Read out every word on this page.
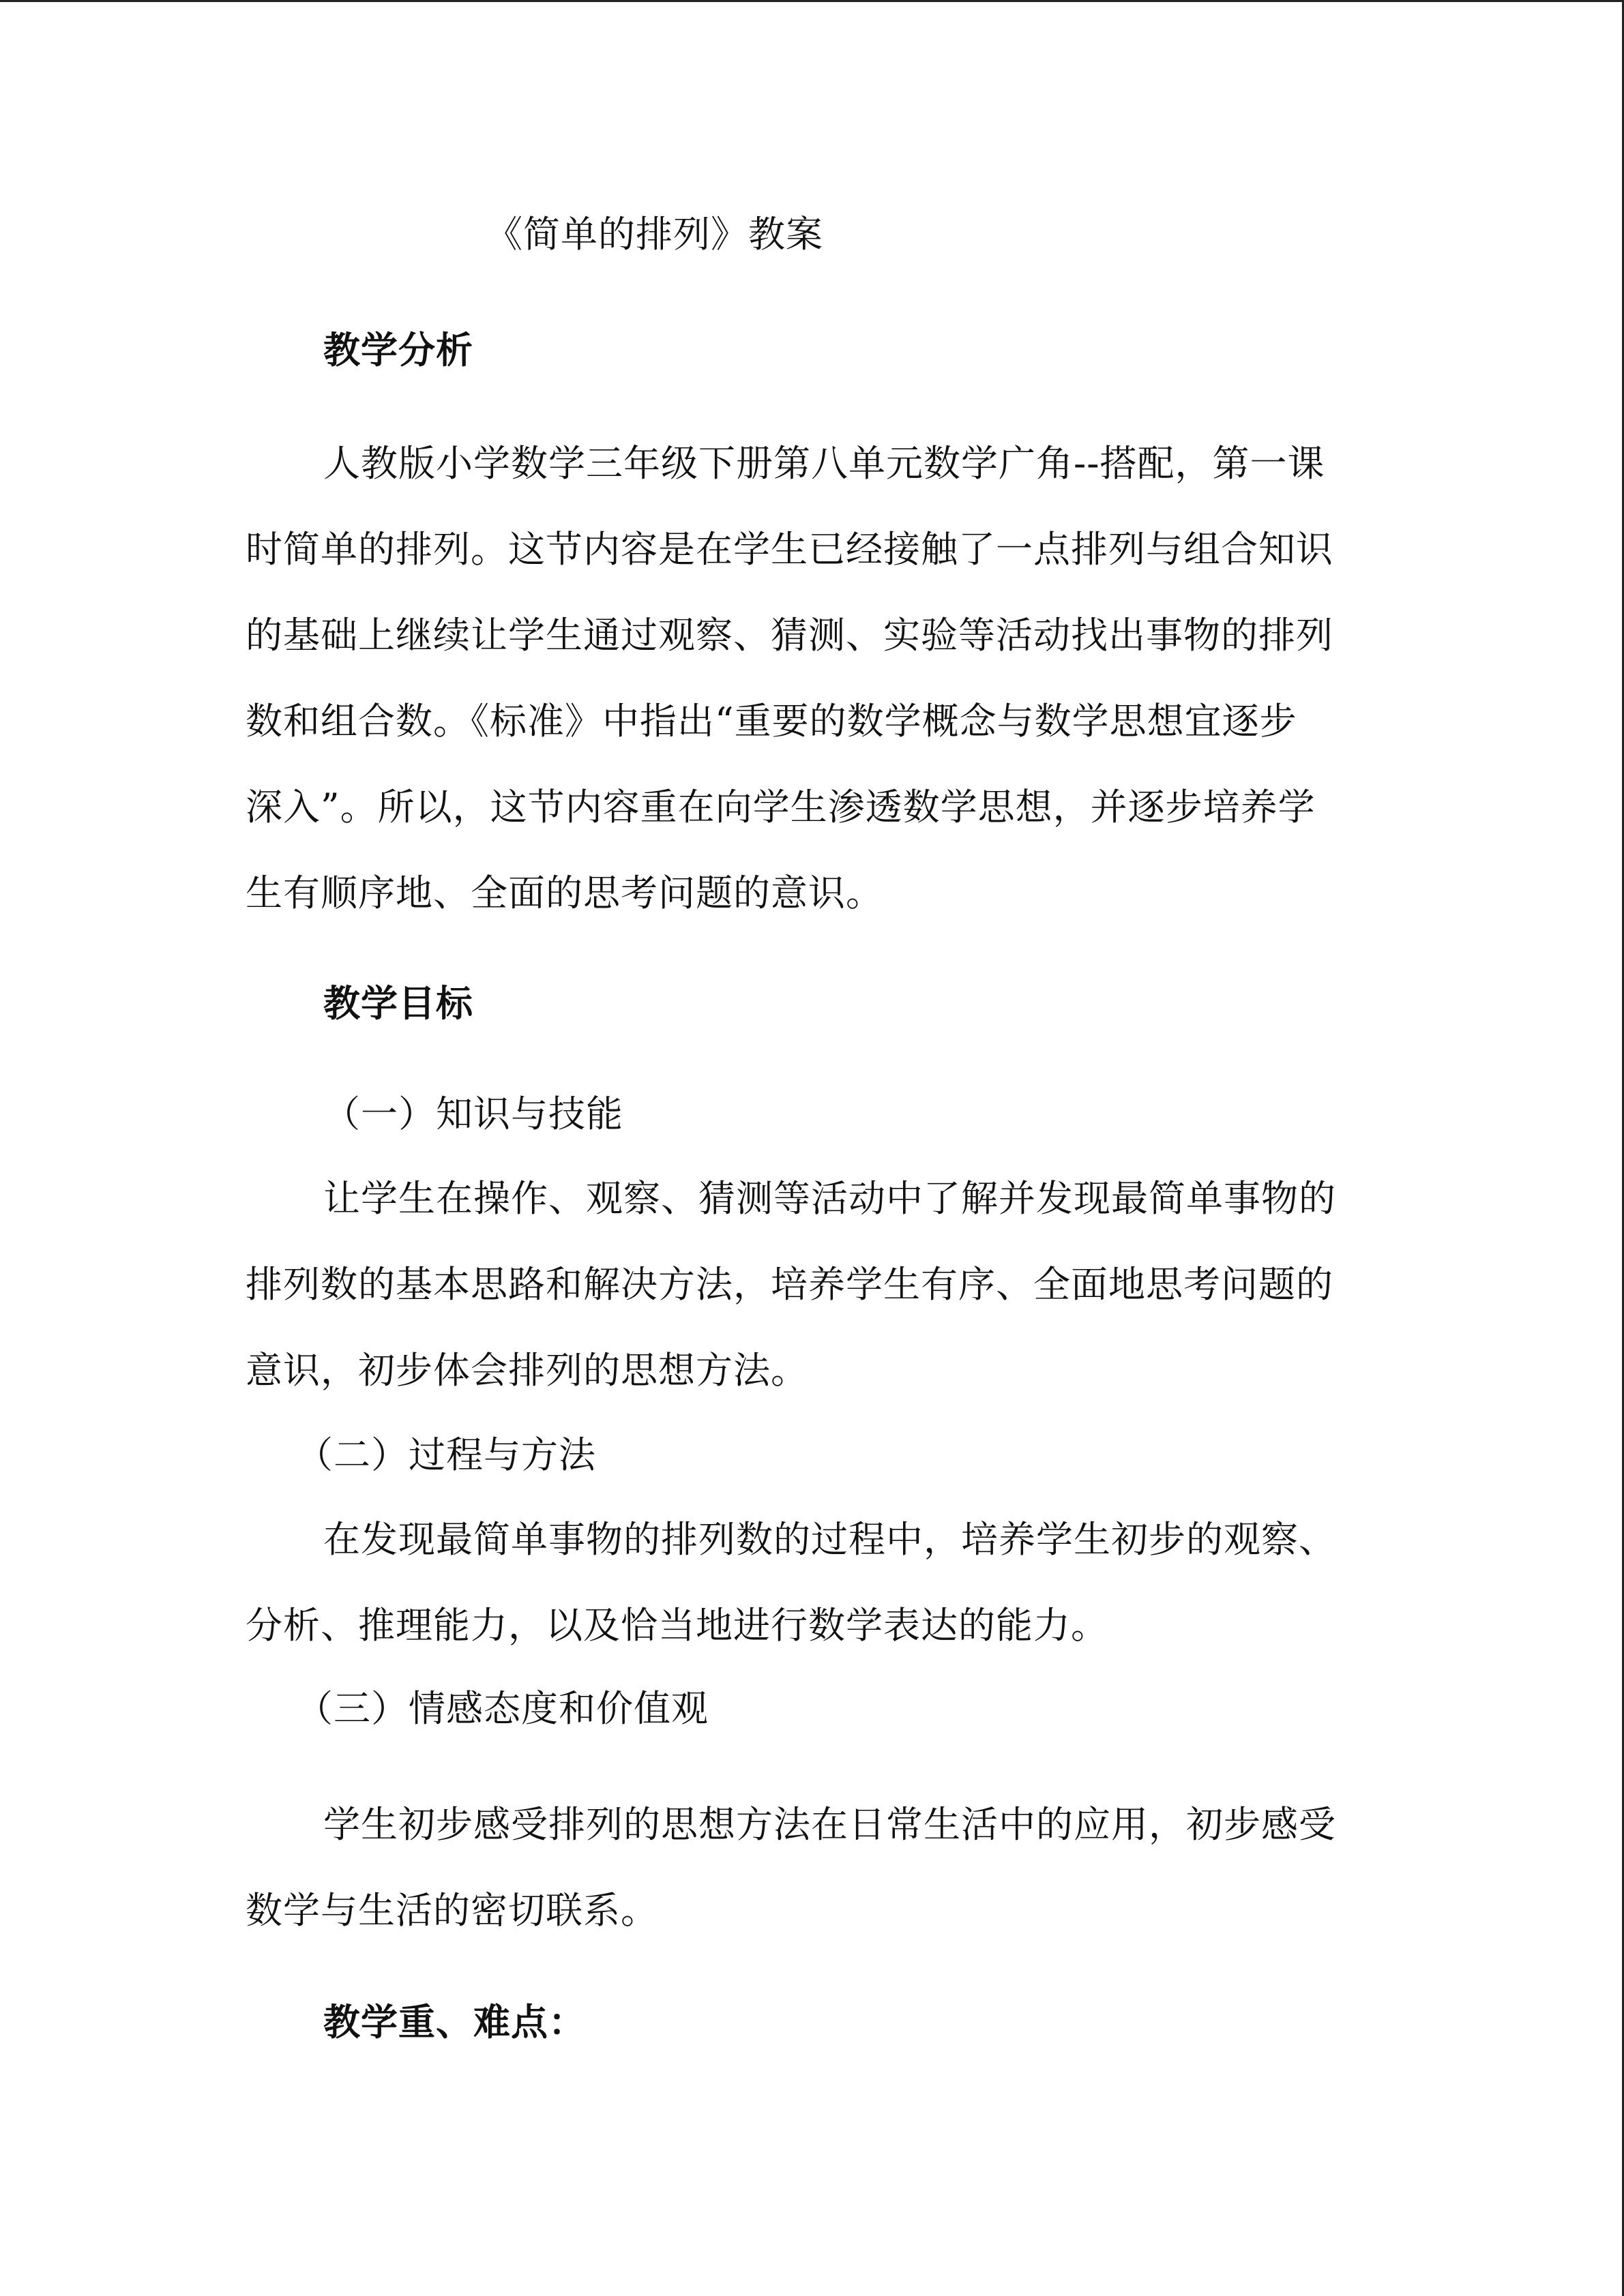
《简单的排列》教案
教学分析
人教版小学数学三年级下册第八单元数学广角--搭配，第一课
时简单的排列。这节内容是在学生已经接触了一点排列与组合知识
的基础上继续让学生通过观察、猜测、实验等活动找出事物的排列
数和组合数。《标准》中指出“重要的数学概念与数学思想宜逐步
深入”。所以，这节内容重在向学生渗透数学思想，并逐步培养学
生有顺序地、全面的思考问题的意识。
教学目标
（一）知识与技能
让学生在操作、观察、猜测等活动中了解并发现最简单事物的
排列数的基本思路和解决方法，培养学生有序、全面地思考问题的
意识，初步体会排列的思想方法。
（二）过程与方法
在发现最简单事物的排列数的过程中，培养学生初步的观察、
分析、推理能力，以及恰当地进行数学表达的能力。
（三）情感态度和价值观
学生初步感受排列的思想方法在日常生活中的应用，初步感受
数学与生活的密切联系。
教学重、难点：
